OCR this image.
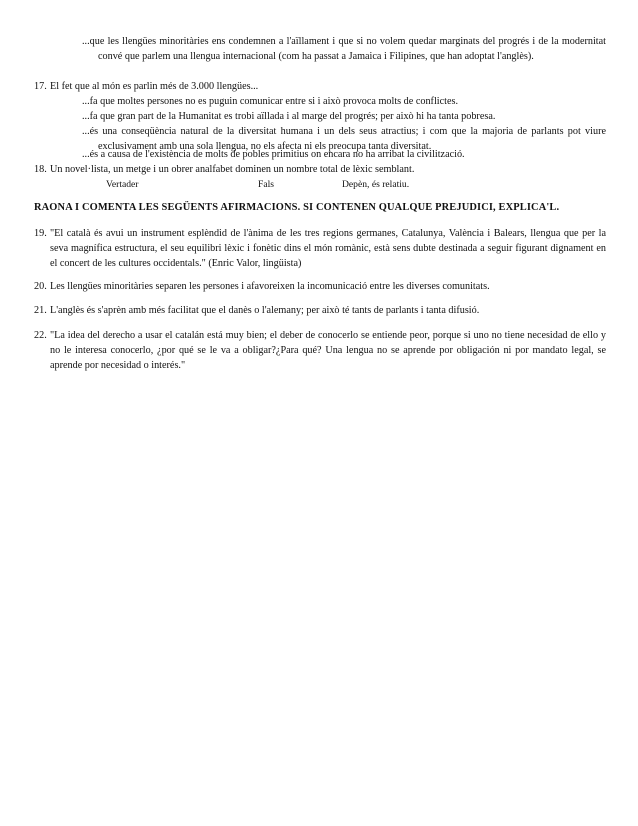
...que les llengües minoritàries ens condemnen a l'aïllament i que si no volem quedar marginats del progrés i de la modernitat convé que parlem una llengua internacional (com ha passat a Jamaica i Filipines, que han adoptat l'anglès).
17. El fet que al món es parlin més de 3.000 llengües...
...fa que moltes persones no es puguin comunicar entre si i això provoca molts de conflictes.
...fa que gran part de la Humanitat es trobi aïllada i al marge del progrés; per això hi ha tanta pobresa.
...és una conseqüència natural de la diversitat humana i un dels seus atractius; i com que la majoria de parlants pot viure exclusivament amb una sola llengua, no els afecta ni els preocupa tanta diversitat.
...és a causa de l'existència de molts de pobles primitius on encara no ha arribat la civilització.
18. Un novel·lista, un metge i un obrer analfabet dominen un nombre total de lèxic semblant.
Vertader	Fals	Depèn, és relatiu.
RAONA I COMENTA LES SEGÜENTS AFIRMACIONS. SI CONTENEN QUALQUE PREJUDICI, EXPLICA'L.
19. "El català és avui un instrument esplèndid de l'ànima de les tres regions germanes, Catalunya, València i Balears, llengua que per la seva magnífica estructura, el seu equilibri lèxic i fonètic dins el món romànic, està sens dubte destinada a seguir figurant dignament en el concert de les cultures occidentals." (Enric Valor, lingüista)
20. Les llengües minoritàries separen les persones i afavoreixen la incomunicació entre les diverses comunitats.
21. L'anglès és s'aprèn amb més facilitat que el danès o l'alemany; per això té tants de parlants i tanta difusió.
22. "La idea del derecho a usar el catalán está muy bien; el deber de conocerlo se entiende peor, porque si uno no tiene necesidad de ello y no le interesa conocerlo, ¿por qué se le va a obligar?¿Para qué? Una lengua no se aprende por obligación ni por mandato legal, se aprende por necesidad o interés."
